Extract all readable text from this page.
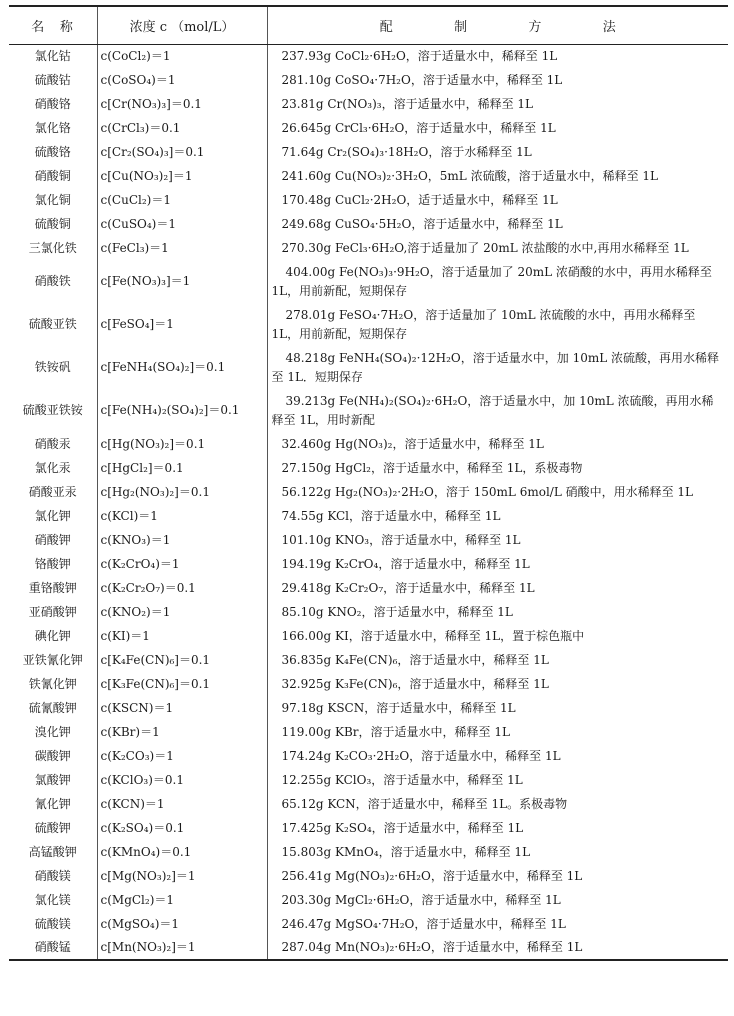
名　称	浓度 c （mol/L）	配 制 方 法
氯化钴	c(CoCl₂)＝1	237.93g CoCl₂·6H₂O，溶于适量水中，稀释至 1L
硫酸钴	c(CoSO₄)＝1	281.10g CoSO₄·7H₂O，溶于适量水中，稀释至 1L
硝酸铬	c[Cr(NO₃)₃]＝0.1	23.81g Cr(NO₃)₃，溶于适量水中，稀释至 1L
氯化铬	c(CrCl₃)＝0.1	26.645g CrCl₃·6H₂O，溶于适量水中，稀释至 1L
硫酸铬	c[Cr₂(SO₄)₃]＝0.1	71.64g Cr₂(SO₄)₃·18H₂O，溶于水稀释至 1L
硝酸铜	c[Cu(NO₃)₂]＝1	241.60g Cu(NO₃)₂·3H₂O，5mL 浓硫酸，溶于适量水中，稀释至 1L
氯化铜	c(CuCl₂)＝1	170.48g CuCl₂·2H₂O，适于适量水中，稀释至 1L
硫酸铜	c(CuSO₄)＝1	249.68g CuSO₄·5H₂O，溶于适量水中，稀释至 1L
三氯化铁	c(FeCl₃)＝1	270.30g FeCl₃·6H₂O,溶于适量加了 20mL 浓盐酸的水中,再用水稀释至 1L
硝酸铁	c[Fe(NO₃)₃]＝1	404.00g Fe(NO₃)₃·9H₂O，溶于适量加了 20mL 浓硝酸的水中，再用水稀释至 1L，用前新配，短期保存
硫酸亚铁	c[FeSO₄]＝1	278.01g FeSO₄·7H₂O，溶于适量加了 10mL 浓硫酸的水中，再用水稀释至 1L，用前新配，短期保存
铁铵矾	c[FeNH₄(SO₄)₂]＝0.1	48.218g FeNH₄(SO₄)₂·12H₂O，溶于适量水中，加 10mL 浓硫酸，再用水稀释至 1L．短期保存
硫酸亚铁铵	c[Fe(NH₄)₂(SO₄)₂]＝0.1	39.213g Fe(NH₄)₂(SO₄)₂·6H₂O，溶于适量水中，加 10mL 浓硫酸，再用水稀释至 1L，用时新配
硝酸汞	c[Hg(NO₃)₂]＝0.1	32.460g Hg(NO₃)₂，溶于适量水中，稀释至 1L
氯化汞	c[HgCl₂]＝0.1	27.150g HgCl₂，溶于适量水中，稀释至 1L，系极毒物
硝酸亚汞	c[Hg₂(NO₃)₂]＝0.1	56.122g Hg₂(NO₃)₂·2H₂O，溶于 150mL 6mol/L 硝酸中，用水稀释至 1L
氯化钾	c(KCl)＝1	74.55g KCl，溶于适量水中，稀释至 1L
硝酸钾	c(KNO₃)＝1	101.10g KNO₃，溶于适量水中，稀释至 1L
铬酸钾	c(K₂CrO₄)＝1	194.19g K₂CrO₄，溶于适量水中，稀释至 1L
重铬酸钾	c(K₂Cr₂O₇)＝0.1	29.418g K₂Cr₂O₇，溶于适量水中，稀释至 1L
亚硝酸钾	c(KNO₂)＝1	85.10g KNO₂，溶于适量水中，稀释至 1L
碘化钾	c(KI)＝1	166.00g KI，溶于适量水中，稀释至 1L，置于棕色瓶中
亚铁氰化钾	c[K₄Fe(CN)₆]＝0.1	36.835g K₄Fe(CN)₆，溶于适量水中，稀释至 1L
铁氰化钾	c[K₃Fe(CN)₆]＝0.1	32.925g K₃Fe(CN)₆，溶于适量水中，稀释至 1L
硫氰酸钾	c(KSCN)＝1	97.18g KSCN，溶于适量水中，稀释至 1L
溴化钾	c(KBr)＝1	119.00g KBr，溶于适量水中，稀释至 1L
碳酸钾	c(K₂CO₃)＝1	174.24g K₂CO₃·2H₂O，溶于适量水中，稀释至 1L
氯酸钾	c(KClO₃)＝0.1	12.255g KClO₃，溶于适量水中，稀释至 1L
氰化钾	c(KCN)＝1	65.12g KCN，溶于适量水中，稀释至 1L。系极毒物
硫酸钾	c(K₂SO₄)＝0.1	17.425g K₂SO₄，溶于适量水中，稀释至 1L
高锰酸钾	c(KMnO₄)＝0.1	15.803g KMnO₄，溶于适量水中，稀释至 1L
硝酸镁	c[Mg(NO₃)₂]＝1	256.41g Mg(NO₃)₂·6H₂O，溶于适量水中，稀释至 1L
氯化镁	c(MgCl₂)＝1	203.30g MgCl₂·6H₂O，溶于适量水中，稀释至 1L
硫酸镁	c(MgSO₄)＝1	246.47g MgSO₄·7H₂O，溶于适量水中，稀释至 1L
硝酸锰	c[Mn(NO₃)₂]＝1	287.04g Mn(NO₃)₂·6H₂O，溶于适量水中，稀释至 1L
